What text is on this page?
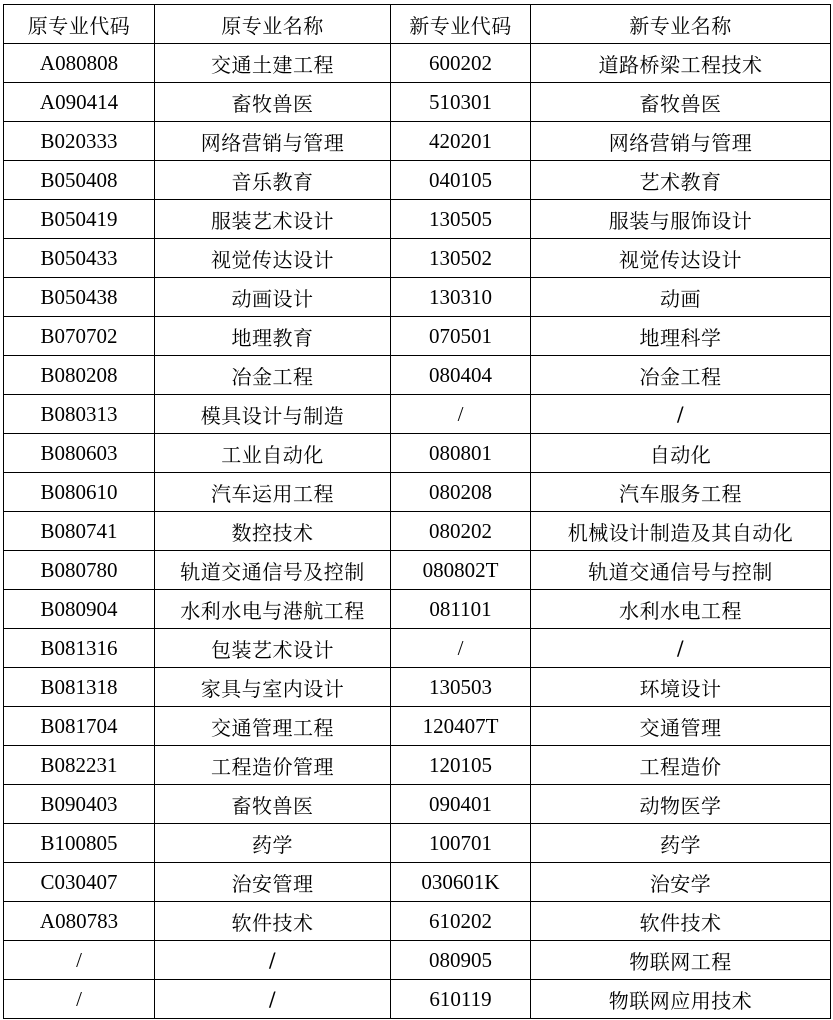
原专业代码	原专业名称	新专业代码	新专业名称
A080808	交通土建工程	600202	道路桥梁工程技术
A090414	畜牧兽医	510301	畜牧兽医
B020333	网络营销与管理	420201	网络营销与管理
B050408	音乐教育	040105	艺术教育
B050419	服装艺术设计	130505	服装与服饰设计
B050433	视觉传达设计	130502	视觉传达设计
B050438	动画设计	130310	动画
B070702	地理教育	070501	地理科学
B080208	冶金工程	080404	冶金工程
B080313	模具设计与制造	/	/
B080603	工业自动化	080801	自动化
B080610	汽车运用工程	080208	汽车服务工程
B080741	数控技术	080202	机械设计制造及其自动化
B080780	轨道交通信号及控制	080802T	轨道交通信号与控制
B080904	水利水电与港航工程	081101	水利水电工程
B081316	包装艺术设计	/	/
B081318	家具与室内设计	130503	环境设计
B081704	交通管理工程	120407T	交通管理
B082231	工程造价管理	120105	工程造价
B090403	畜牧兽医	090401	动物医学
B100805	药学	100701	药学
C030407	治安管理	030601K	治安学
A080783	软件技术	610202	软件技术
/	/	080905	物联网工程
/	/	610119	物联网应用技术
